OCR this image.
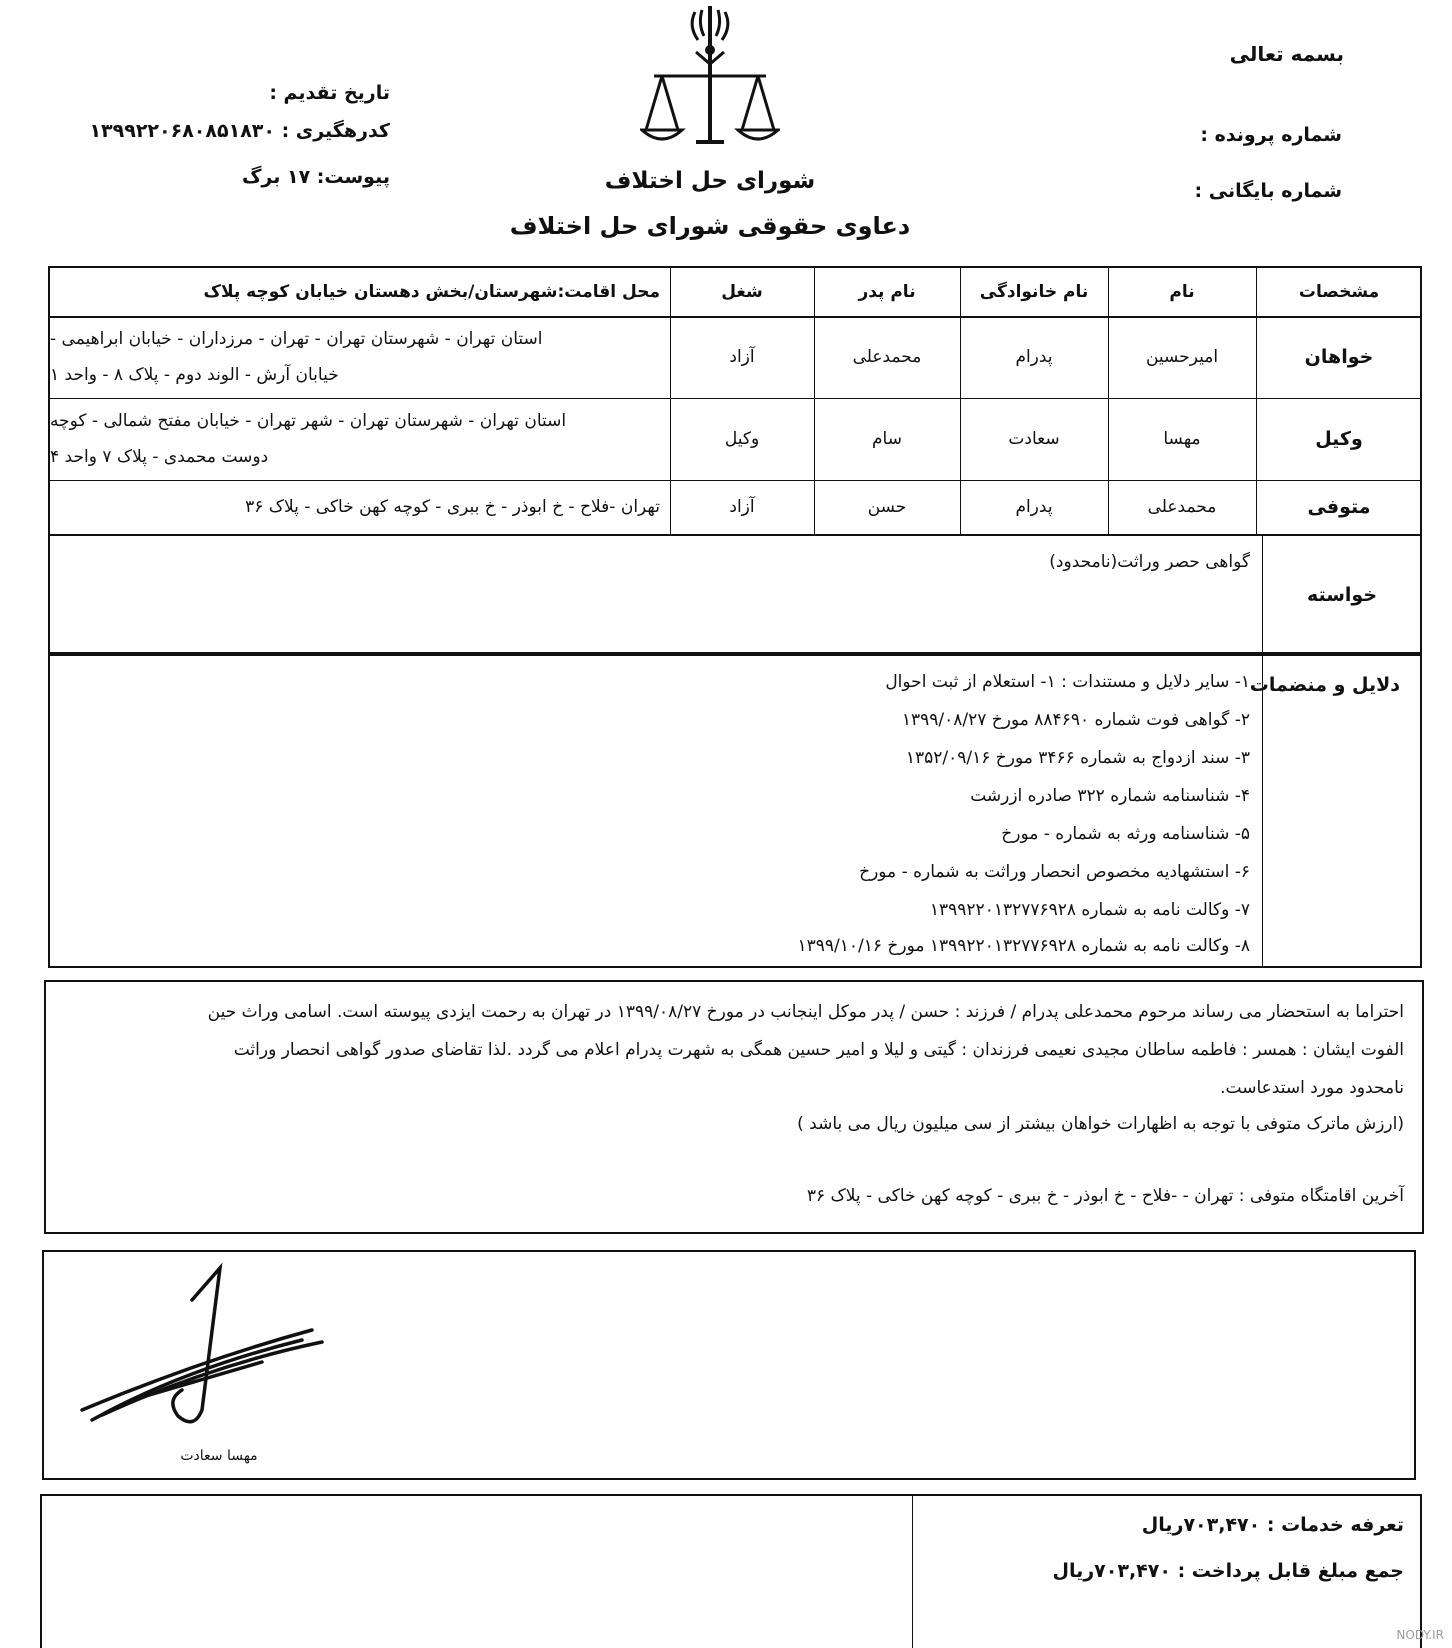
بسمه تعالی
شماره پرونده :
شماره بایگانی :
تاریخ تقدیم :
کدرهگیری : ۱۳۹۹۲۲۰۶۸۰۸۵۱۸۳۰
پیوست: ۱۷ برگ	شورای حل اختلاف
دعاوی حقوقی شورای حل اختلاف
مشخصات
نام
نام خانوادگی
نام پدر
شغل
محل اقامت:شهرستان/بخش دهستان خیابان کوچه پلاک
خواهان
امیرحسین
پدرام
محمدعلی
آزاد
استان تهران - شهرستان تهران - تهران - مرزداران - خیابان ابراهیمی -
خیابان آرش - الوند دوم - پلاک ۸ - واحد ۱
وکیل
مهسا
سعادت
سام
وکیل
استان تهران - شهرستان تهران - شهر تهران - خیابان مفتح شمالی - کوچه
دوست محمدی - پلاک ۷ واحد ۴
متوفی
محمدعلی
پدرام
حسن
آزاد
تهران -فلاح - خ ابوذر - خ ببری - کوچه کهن خاکی - پلاک ۳۶
خواسته
گواهی حصر وراثت(نامحدود)
دلایل و منضمات
۱- سایر دلایل و مستندات : ۱- استعلام از ثبت احوال
۲- گواهی فوت شماره ۸۸۴۶۹۰ مورخ ۱۳۹۹/۰۸/۲۷
۳- سند ازدواج به شماره ۳۴۶۶ مورخ ۱۳۵۲/۰۹/۱۶
۴- شناسنامه شماره ۳۲۲ صادره ازرشت
۵- شناسنامه ورثه به شماره - مورخ
۶- استشهادیه مخصوص انحصار وراثت به شماره - مورخ
۷- وکالت نامه به شماره ۱۳۹۹۲۲۰۱۳۲۷۷۶۹۲۸
۸- وکالت نامه به شماره ۱۳۹۹۲۲۰۱۳۲۷۷۶۹۲۸ مورخ ۱۳۹۹/۱۰/۱۶
احتراما به استحضار می رساند مرحوم محمدعلی پدرام / فرزند : حسن / پدر موکل اینجانب در مورخ ۱۳۹۹/۰۸/۲۷ در تهران به رحمت ایزدی پیوسته است. اسامی وراث حین
الفوت ایشان : همسر : فاطمه ساطان مجیدی نعیمی فرزندان : گیتی و لیلا و امیر حسین همگی به شهرت پدرام اعلام می گردد .لذا تقاضای صدور گواهی انحصار وراثت
نامحدود مورد استدعاست.
(ارزش ماترک متوفی با توجه به اظهارات خواهان بیشتر از سی میلیون ریال می باشد )
آخرین اقامتگاه متوفی : تهران - -فلاح - خ ابوذر - خ ببری - کوچه کهن خاکی - پلاک ۳۶
مهسا سعادت
تعرفه خدمات : ۷۰۳,۴۷۰ریال
جمع مبلغ قابل پرداخت : ۷۰۳,۴۷۰ریال
NODY.IR
